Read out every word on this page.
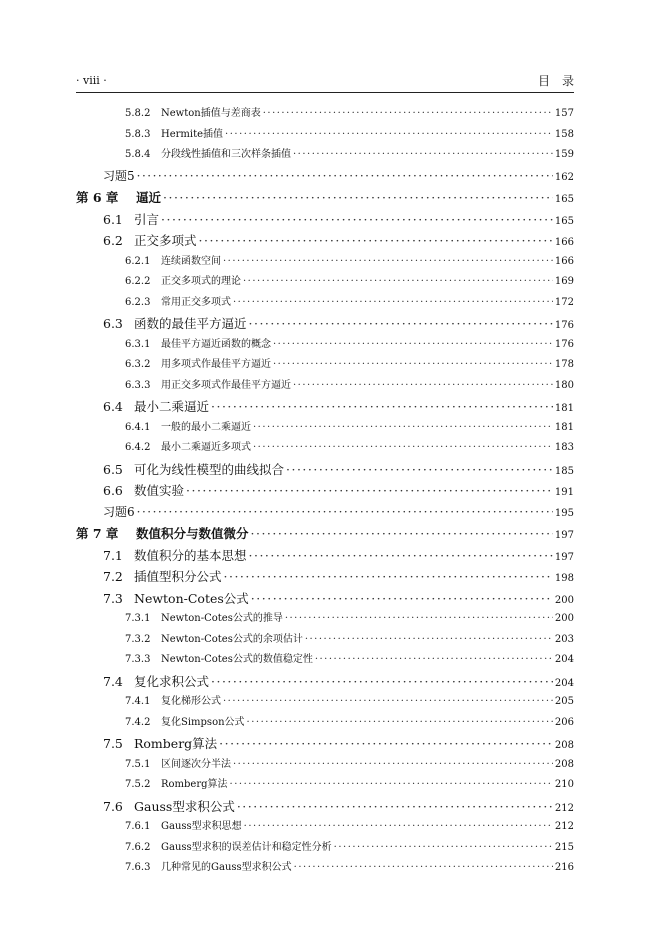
· viii ·	目录
5.8.2	Newton插值与差商表 ·····	157
5.8.3	Hermite插值 ·····	158
5.8.4	分段线性插值和三次样条插值 ·····	159
习题5 ·····	162
第 6 章	逼近 ·····	165
6.1 引言 ·····	165
6.2 正交多项式 ·····	166
6.2.1	连续函数空间 ·····	166
6.2.2	正交多项式的理论 ·····	169
6.2.3	常用正交多项式 ·····	172
6.3 函数的最佳平方逼近 ·····	176
6.3.1	最佳平方逼近函数的概念 ·····	176
6.3.2	用多项式作最佳平方逼近 ·····	178
6.3.3	用正交多项式作最佳平方逼近 ·····	180
6.4 最小二乘逼近 ·····	181
6.4.1	一般的最小二乘逼近 ·····	181
6.4.2	最小二乘逼近多项式 ·····	183
6.5 可化为线性模型的曲线拟合 ·····	185
6.6 数值实验 ·····	191
习题6 ·····	195
第 7 章	数值积分与数值微分 ·····	197
7.1 数值积分的基本思想 ·····	197
7.2 插值型积分公式 ·····	198
7.3 Newton-Cotes公式 ·····	200
7.3.1	Newton-Cotes公式的推导 ·····	200
7.3.2	Newton-Cotes公式的余项估计 ·····	203
7.3.3	Newton-Cotes公式的数值稳定性 ·····	204
7.4 复化求积公式 ·····	204
7.4.1	复化梯形公式 ·····	205
7.4.2	复化Simpson公式 ·····	206
7.5 Romberg算法 ·····	208
7.5.1	区间逐次分半法 ·····	208
7.5.2	Romberg算法 ·····	210
7.6 Gauss型求积公式 ·····	212
7.6.1	Gauss型求积思想 ·····	212
7.6.2	Gauss型求积的误差估计和稳定性分析 ·····	215
7.6.3	几种常见的Gauss型求积公式 ·····	216
